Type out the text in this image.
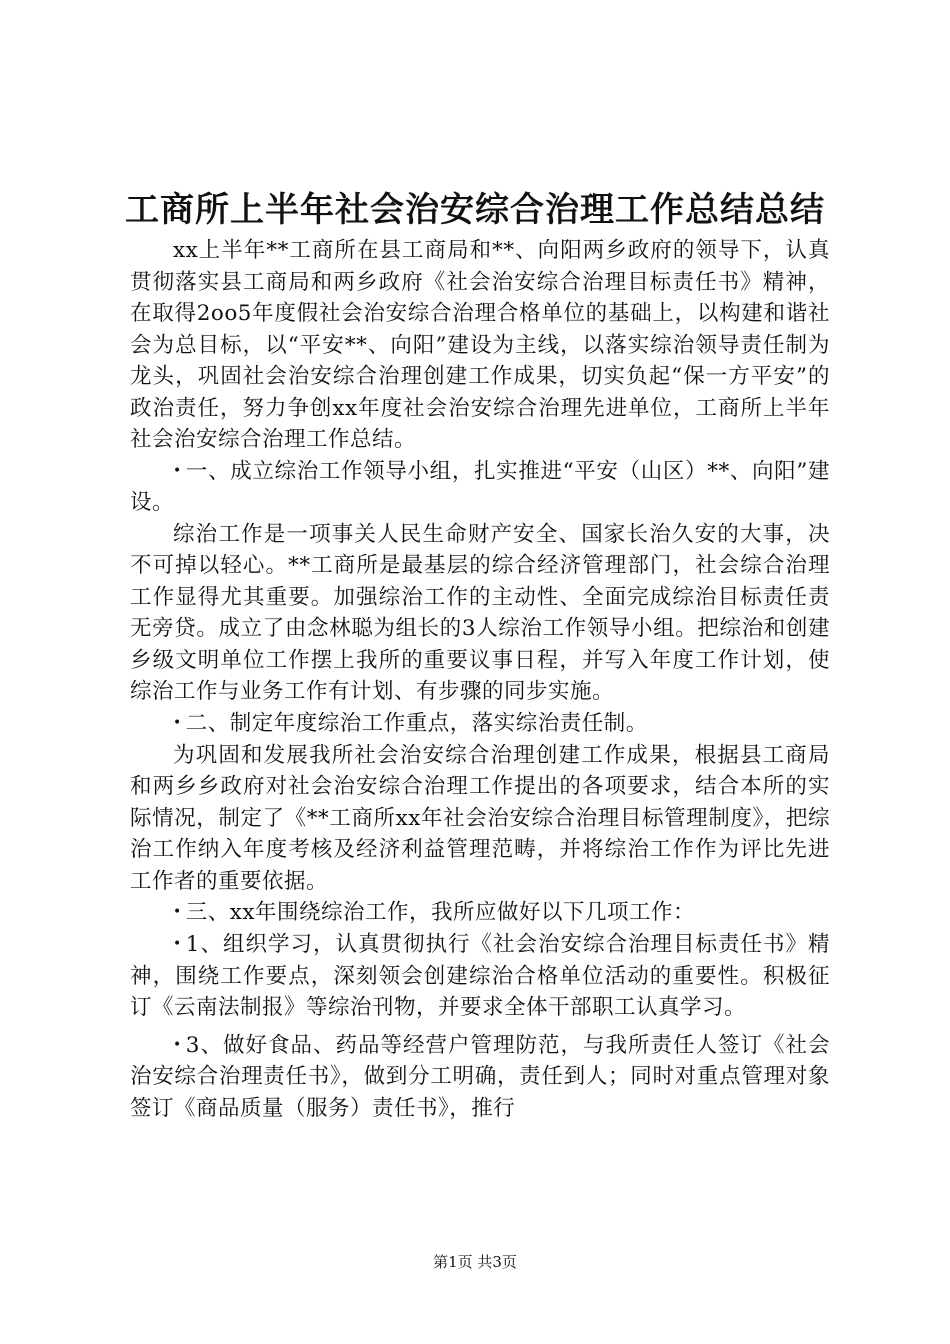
工商所上半年社会治安综合治理工作总结总结

xx上半年**工商所在县工商局和**、向阳两乡政府的领导下，认真贯彻落实县工商局和两乡政府《社会治安综合治理目标责任书》精神，在取得2oo5年度假社会治安综合治理合格单位的基础上，以构建和谐社会为总目标，以“平安**、向阳”建设为主线，以落实综治领导责任制为龙头，巩固社会治安综合治理创建工作成果，切实负起“保一方平安”的政治责任，努力争创xx年度社会治安综合治理先进单位，工商所上半年社会治安综合治理工作总结。

• 一、成立综治工作领导小组，扎实推进“平安（山区）**、向阳”建设。

综治工作是一项事关人民生命财产安全、国家长治久安的大事，决不可掉以轻心。**工商所是最基层的综合经济管理部门，社会综合治理工作显得尤其重要。加强综治工作的主动性、全面完成综治目标责任责无旁贷。成立了由念林聪为组长的3人综治工作领导小组。把综治和创建乡级文明单位工作摆上我所的重要议事日程，并写入年度工作计划，使综治工作与业务工作有计划、有步骤的同步实施。

• 二、制定年度综治工作重点，落实综治责任制。

为巩固和发展我所社会治安综合治理创建工作成果，根据县工商局和两乡乡政府对社会治安综合治理工作提出的各项要求，结合本所的实际情况，制定了《**工商所xx年社会治安综合治理目标管理制度》，把综治工作纳入年度考核及经济利益管理范畴，并将综治工作作为评比先进工作者的重要依据。

• 三、xx年围绕综治工作，我所应做好以下几项工作：

• 1、组织学习，认真贯彻执行《社会治安综合治理目标责任书》精神，围绕工作要点，深刻领会创建综治合格单位活动的重要性。积极征订《云南法制报》等综治刊物，并要求全体干部职工认真学习。

• 3、做好食品、药品等经营户管理防范，与我所责任人签订《社会治安综合治理责任书》，做到分工明确，责任到人；同时对重点管理对象签订《商品质量（服务）责任书》，推行

第1页 共3页
